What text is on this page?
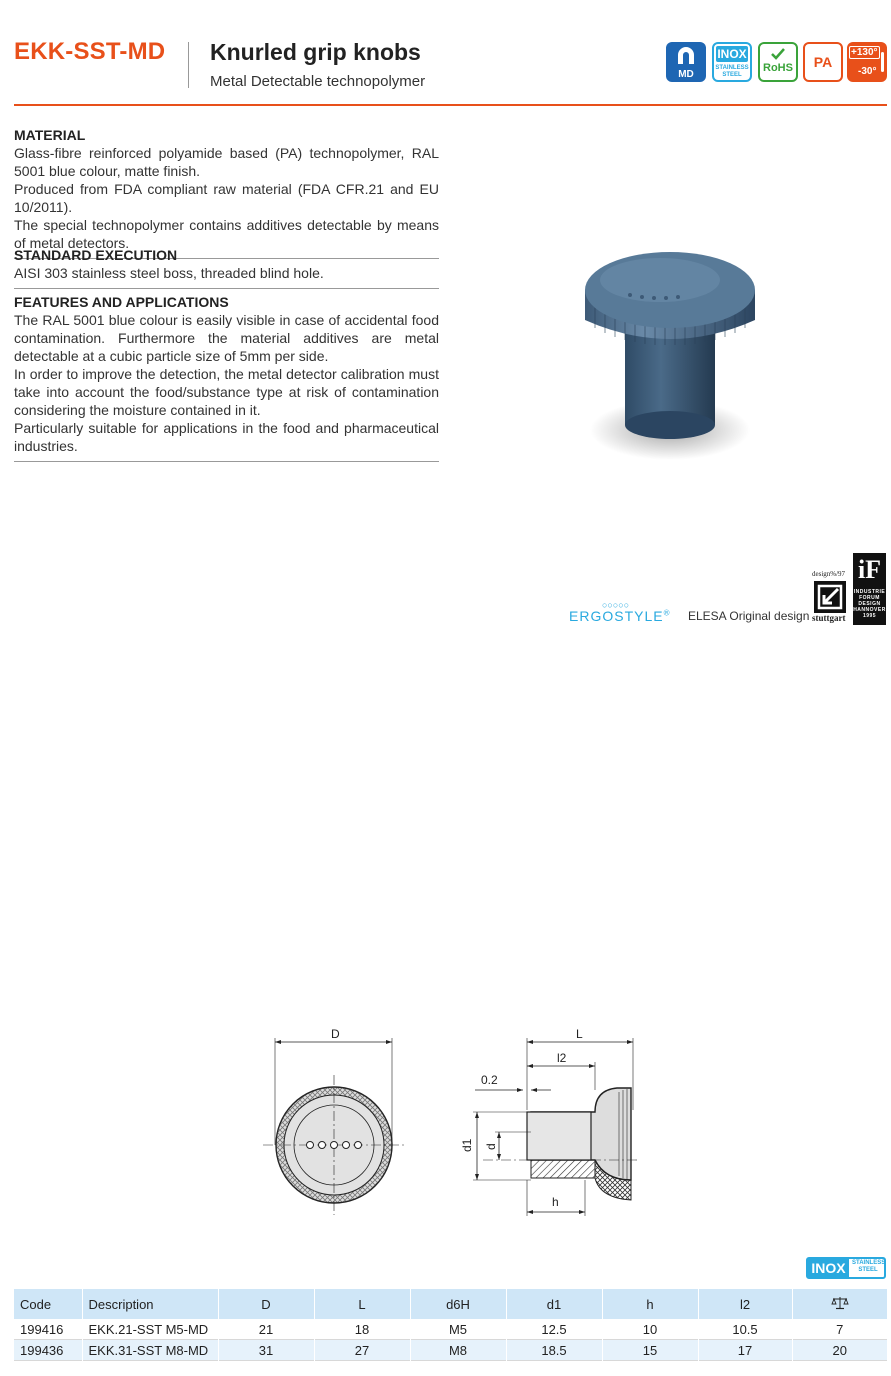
EKK-SST-MD Knurled grip knobs
Metal Detectable technopolymer	MD
INOX
STAINLESS STEEL
RoHS	PA
+130°
-30°
MATERIAL

Glass-fibre reinforced polyamide based (PA) technopolymer, RAL 5001 blue colour, matte finish.
Produced from FDA compliant raw material (FDA CFR.21 and EU 10/2011).
The special technopolymer contains additives detectable by means of metal detectors.

STANDARD EXECUTION

AISI 303 stainless steel boss, threaded blind hole.

FEATURES AND APPLICATIONS

The RAL 5001 blue colour is easily visible in case of accidental food contamination. Furthermore the material additives are metal detectable at a cubic particle size of 5mm per side.
In order to improve the detection, the metal detector calibration must take into account the food/substance type at risk of contamination considering the moisture contained in it.
Particularly suitable for applications in the food and pharmaceutical industries.

○○○○○
ERGOSTYLE® ELESA Original design
design%/97
stuttgart
iF
INDUSTRIE FORUM DESIGN HANNOVER 1995
D	L
l2
0.2
d1 d
h
INOX	STAINLESS STEEL
Code	Description	D	L	d6H	d1	h	l2	
199416	EKK.21-SST M5-MD	21	18	M5	12.5	10	10.5	7
199436	EKK.31-SST M8-MD	31	27	M8	18.5	15	17	20
